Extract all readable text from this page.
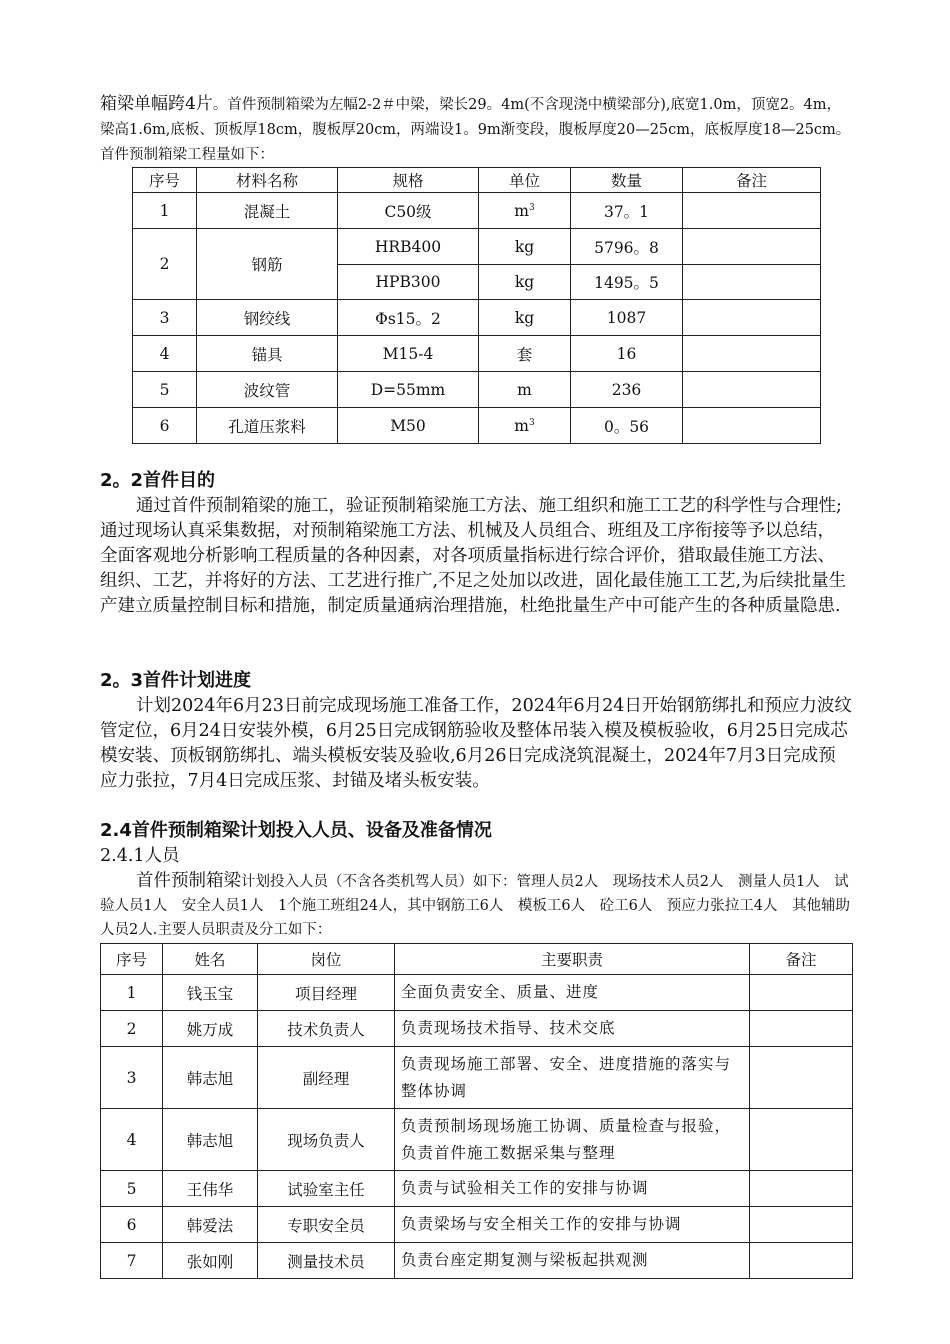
箱梁单幅跨4片。首件预制箱梁为左幅2-2＃中梁，梁长29。4m(不含现浇中横梁部分),底宽1.0m，顶宽2。4m，梁高1.6m,底板、顶板厚18cm，腹板厚20cm，两端设1。9m渐变段，腹板厚度20—25cm，底板厚度18—25cm。首件预制箱梁工程量如下：

序号	材料名称	规格	单位	数量	备注
1	混凝土	C50级	$m^3$	37。1	
2	钢筋	HRB400	kg	5796。8	
		HPB300	kg	1495。5	
3	钢绞线	Φs15。2	kg	1087	
4	锚具	M15-4	套	16	
5	波纹管	D=55mm	m	236	
6	孔道压浆料	M50	$m^3$	0。56	
2。2首件目的

通过首件预制箱梁的施工，验证预制箱梁施工方法、施工组织和施工工艺的科学性与合理性;通过现场认真采集数据，对预制箱梁施工方法、机械及人员组合、班组及工序衔接等予以总结，全面客观地分析影响工程质量的各种因素，对各项质量指标进行综合评价，猎取最佳施工方法、组织、工艺，并将好的方法、工艺进行推广,不足之处加以改进，固化最佳施工工艺,为后续批量生产建立质量控制目标和措施，制定质量通病治理措施，杜绝批量生产中可能产生的各种质量隐患.

2。3首件计划进度

计划2024年6月23日前完成现场施工准备工作，2024年6月24日开始钢筋绑扎和预应力波纹管定位，6月24日安装外模，6月25日完成钢筋验收及整体吊装入模及模板验收，6月25日完成芯模安装、顶板钢筋绑扎、端头模板安装及验收,6月26日完成浇筑混凝土，2024年7月3日完成预应力张拉，7月4日完成压浆、封锚及堵头板安装。

2.4首件预制箱梁计划投入人员、设备及准备情况

2.4.1人员

首件预制箱梁计划投入人员（不含各类机驾人员）如下：管理人员2人　现场技术人员2人　测量人员1人　试验人员1人　安全人员1人　1个施工班组24人，其中钢筋工6人　模板工6人　砼工6人　预应力张拉工4人　其他辅助人员2人.主要人员职责及分工如下：

序号	姓名	岗位	主要职责	备注
1	钱玉宝	项目经理	全面负责安全、质量、进度	
2	姚万成	技术负责人	负责现场技术指导、技术交底	
3	韩志旭	副经理	负责现场施工部署、安全、进度措施的落实与整体协调	
4	韩志旭	现场负责人	负责预制场现场施工协调、质量检查与报验，负责首件施工数据采集与整理	
5	王伟华	试验室主任	负责与试验相关工作的安排与协调	
6	韩爱法	专职安全员	负责梁场与安全相关工作的安排与协调	
7	张如刚	测量技术员	负责台座定期复测与梁板起拱观测	
